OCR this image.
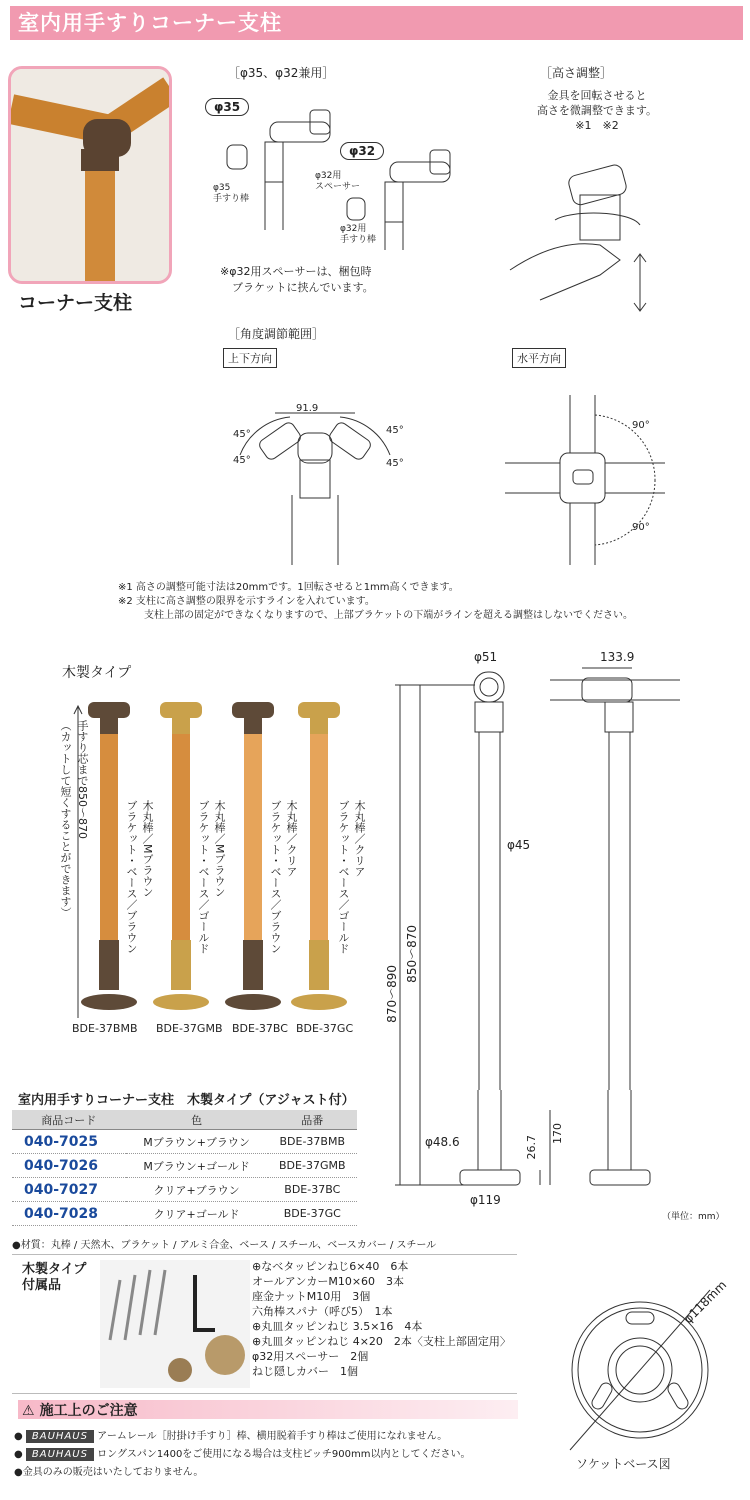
室内用手すりコーナー支柱
コーナー支柱
［φ35、φ32兼用］
φ35
φ32
φ35
手すり棒
φ32用
スペーサー
φ32用
手すり棒
※φ32用スペーサーは、梱包時
ブラケットに挟んでいます。
［高さ調整］
金具を回転させると
高さを微調整できます。
※1　※2
［角度調節範囲］
上下方向	水平方向
91.9
45°
45°
45°
45°
90°
90°
※1 高さの調整可能寸法は20mmです。1回転させると1mm高くできます。
※2 支柱に高さ調整の限界を示すラインを入れています。
支柱上部の固定ができなくなりますので、上部ブラケットの下端がラインを超える調整はしないでください。
木製タイプ
手すり芯まで850～870
（カットして短くすることができます）	木丸棒／Mブラウン
ブラケット・ベース／ブラウン	木丸棒／Mブラウン
ブラケット・ベース／ゴールド	木丸棒／クリア
ブラケット・ベース／ブラウン	木丸棒／クリア
ブラケット・ベース／ゴールド
BDE-37BMB BDE-37GMB BDE-37BC BDE-37GC
φ51	133.9
φ45
870～890
850～870
φ48.6	26.7
170
φ119
（単位：mm）
室内用手すりコーナー支柱　木製タイプ（アジャスト付）
商品コード	色	品番
040-7025	Mブラウン+ブラウン	BDE-37BMB
040-7026	Mブラウン+ゴールド	BDE-37GMB
040-7027	クリア+ブラウン	BDE-37BC
040-7028	クリア+ゴールド	BDE-37GC
●材質：丸棒 / 天然木、ブラケット / アルミ合金、ベース / スチール、ベースカバー / スチール
木製タイプ
付属品
⊕なべタッピンねじ6×40　6本
オールアンカーM10×60　3本
座金ナットM10用　3個
六角棒スパナ（呼び5）　1本
⊕丸皿タッピンねじ 3.5×16　4本
⊕丸皿タッピンねじ 4×20　2本〈支柱上部固定用〉
φ32用スペーサー　2個
ねじ隠しカバー　1個
φ118mm
ソケットベース図
⚠ 施工上のご注意
● BAUHAUS アームレール［肘掛け手すり］棒、横用脱着手すり棒はご使用になれません。
● BAUHAUS ロングスパン1400をご使用になる場合は支柱ピッチ900mm以内としてください。
●金具のみの販売はいたしておりません。
